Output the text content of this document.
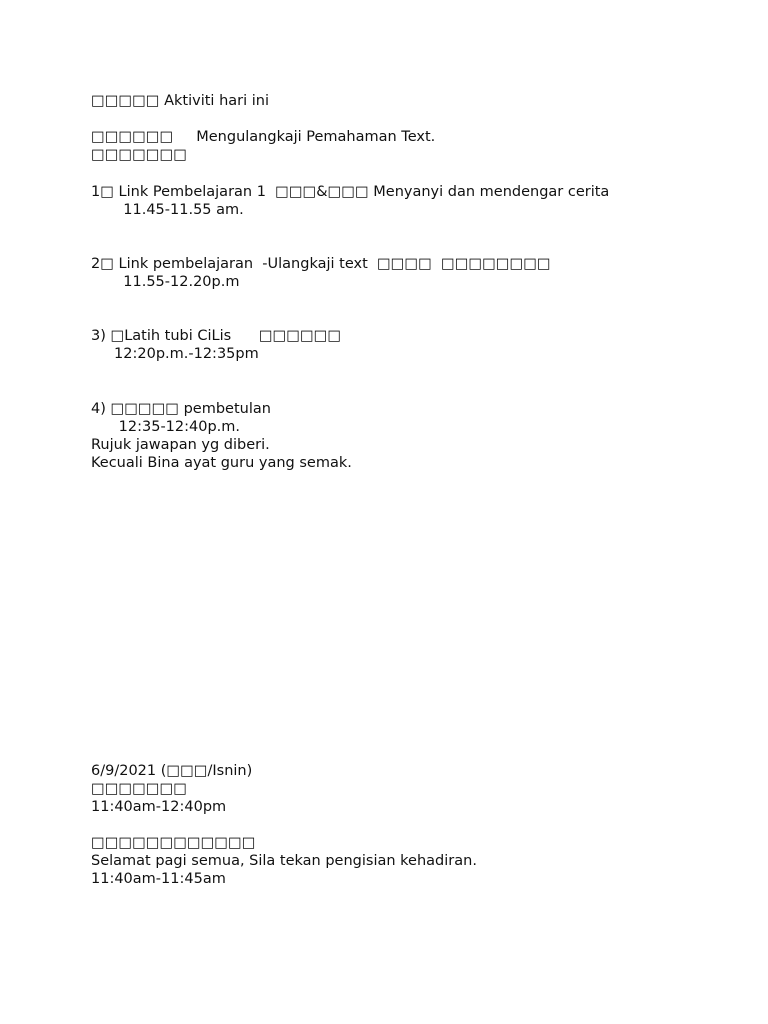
□□□□□ Aktiviti hari ini

□□□□□□     Mengulangkaji Pemahaman Text.

□□□□□□□

1□ Link Pembelajaran 1  □□□&□□□ Menyanyi dan mendengar cerita

11.45-11.55 am.

2□ Link pembelajaran  -Ulangkaji text  □□□□  □□□□□□□□

11.55-12.20p.m

3) □Latih tubi CiLis      □□□□□□

12:20p.m.-12:35pm

4) □□□□□ pembetulan

12:35-12:40p.m.

Rujuk jawapan yg diberi.

Kecuali Bina ayat guru yang semak.

6/9/2021 (□□□/Isnin)

□□□□□□□

11:40am-12:40pm

□□□□□□□□□□□□

Selamat pagi semua, Sila tekan pengisian kehadiran.

11:40am-11:45am
